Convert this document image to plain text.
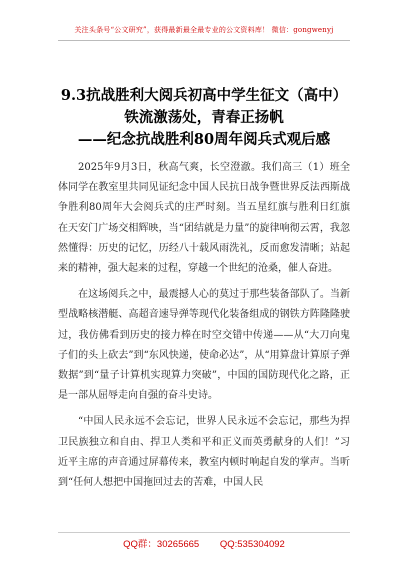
关注头条号“公文研究”，获得最新最全最专业的公文资料库！ 微信：gongwenyj
9.3抗战胜利大阅兵初高中学生征文（高中）
铁流激荡处，青春正扬帆
——纪念抗战胜利80周年阅兵式观后感

2025年9月3日，秋高气爽，长空澄澈。我们高三（1）班全体同学在教室里共同见证纪念中国人民抗日战争暨世界反法西斯战争胜利80周年大会阅兵式的庄严时刻。当五星红旗与胜利日红旗在天安门广场交相辉映，当“团结就是力量”的旋律响彻云霄，我忽然懂得：历史的记忆，历经八十载风雨洗礼，反而愈发清晰；站起来的精神，强大起来的过程，穿越一个世纪的沧桑，催人奋进。

在这场阅兵之中，最震撼人心的莫过于那些装备部队了。当新型战略核潜艇、高超音速导弹等现代化装备组成的钢铁方阵隆隆驶过，我仿佛看到历史的接力棒在时空交错中传递——从“大刀向鬼子们的头上砍去”到“东风快递，使命必达”，从“用算盘计算原子弹数据”到“量子计算机实现算力突破”，中国的国防现代化之路，正是一部从屈辱走向自强的奋斗史诗。

“中国人民永远不会忘记，世界人民永远不会忘记，那些为捍卫民族独立和自由、捍卫人类和平和正义而英勇献身的人们！”习近平主席的声音通过屏幕传来，教室内顿时响起自发的掌声。当听到“任何人想把中国拖回过去的苦难，中国人民

QQ群：30265665 QQ:535304092
